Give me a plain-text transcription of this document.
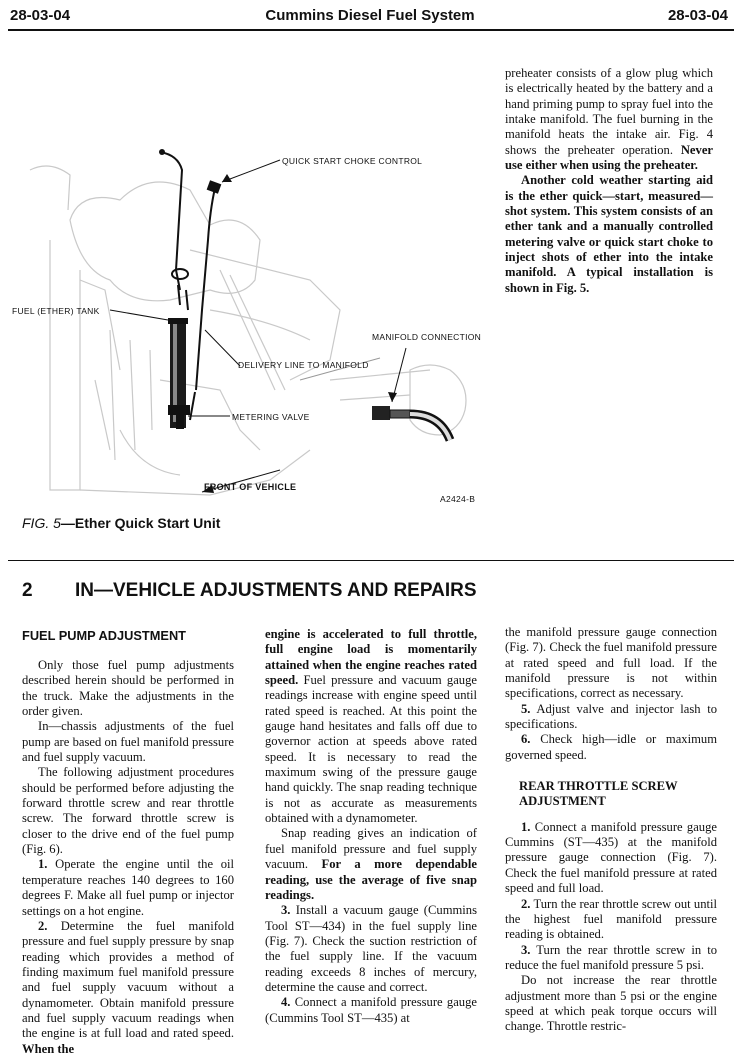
28-03-04	Cummins Diesel Fuel System	28-03-04
QUICK START CHOKE CONTROL
FUEL (ETHER) TANK
MANIFOLD CONNECTION
DELIVERY LINE TO MANIFOLD
METERING VALVE
FRONT OF VEHICLE
A2424-B
FIG. 5—Ether Quick Start Unit

preheater consists of a glow plug which is electrically heated by the battery and a hand priming pump to spray fuel into the intake manifold. The fuel burning in the manifold heats the intake air. Fig. 4 shows the preheater operation. Never use either when using the preheater.

Another cold weather starting aid is the ether quick—start, measured—shot system. This system consists of an ether tank and a manually controlled metering valve or quick start choke to inject shots of ether into the intake manifold. A typical installation is shown in Fig. 5.

2 IN—VEHICLE ADJUSTMENTS AND REPAIRS
FUEL PUMP ADJUSTMENT

Only those fuel pump adjustments described herein should be performed in the truck. Make the adjustments in the order given.

In—chassis adjustments of the fuel pump are based on fuel manifold pressure and fuel supply vacuum.

The following adjustment procedures should be performed before adjusting the forward throttle screw and rear throttle screw. The forward throttle screw is closer to the drive end of the fuel pump (Fig. 6).

1. Operate the engine until the oil temperature reaches 140 degrees to 160 degrees F. Make all fuel pump or injector settings on a hot engine.

2. Determine the fuel manifold pressure and fuel supply pressure by snap reading which provides a method of finding maximum fuel manifold pressure and fuel supply vacuum without a dynamometer. Obtain manifold pressure and fuel supply vacuum readings when the engine is at full load and rated speed. When the

engine is accelerated to full throttle, full engine load is momentarily attained when the engine reaches rated speed. Fuel pressure and vacuum gauge readings increase with engine speed until rated speed is reached. At this point the gauge hand hesitates and falls off due to governor action at speeds above rated speed. It is necessary to read the maximum swing of the pressure gauge hand quickly. The snap reading technique is not as accurate as measurements obtained with a dynamometer.

Snap reading gives an indication of fuel manifold pressure and fuel supply vacuum. For a more dependable reading, use the average of five snap readings.

3. Install a vacuum gauge (Cummins Tool ST—434) in the fuel supply line (Fig. 7). Check the suction restriction of the fuel supply line. If the vacuum reading exceeds 8 inches of mercury, determine the cause and correct.

4. Connect a manifold pressure gauge (Cummins Tool ST—435) at

the manifold pressure gauge connection (Fig. 7). Check the fuel manifold pressure at rated speed and full load. If the manifold pressure is not within specifications, correct as necessary.

5. Adjust valve and injector lash to specifications.

6. Check high—idle or maximum governed speed.

REAR THROTTLE SCREW ADJUSTMENT

1. Connect a manifold pressure gauge Cummins (ST—435) at the manifold pressure gauge connection (Fig. 7). Check the fuel manifold pressure at rated speed and full load.

2. Turn the rear throttle screw out until the highest fuel manifold pressure reading is obtained.

3. Turn the rear throttle screw in to reduce the fuel manifold pressure 5 psi.

Do not increase the rear throttle adjustment more than 5 psi or the engine speed at which peak torque occurs will change. Throttle restric-
